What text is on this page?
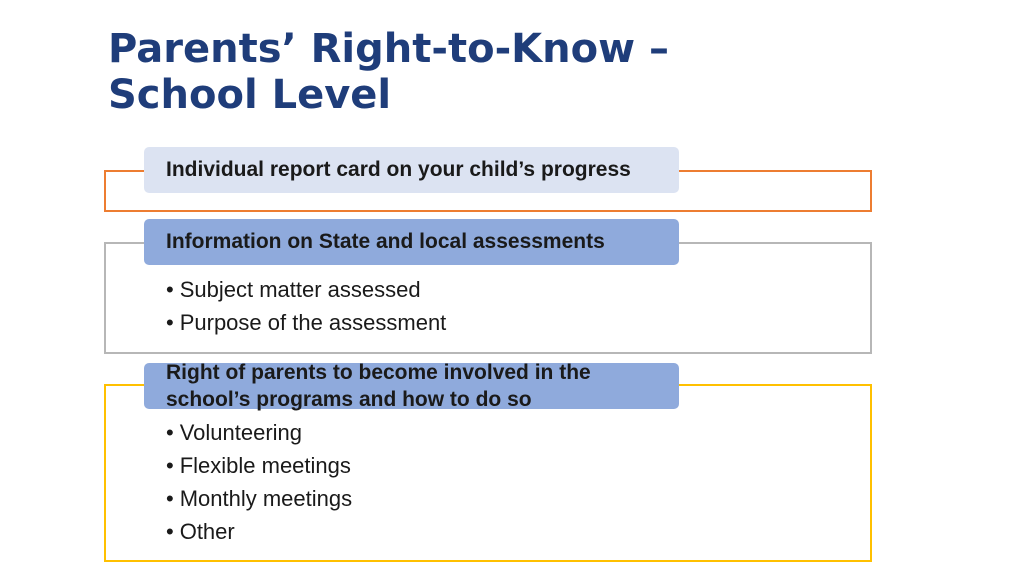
Parents’ Right-to-Know –
School Level
Individual report card on your child’s progress
Information on State and local assessments
• Subject matter assessed
• Purpose of the assessment
Right of parents to become involved in the school’s programs and how to do so
• Volunteering
• Flexible meetings
• Monthly meetings
• Other
